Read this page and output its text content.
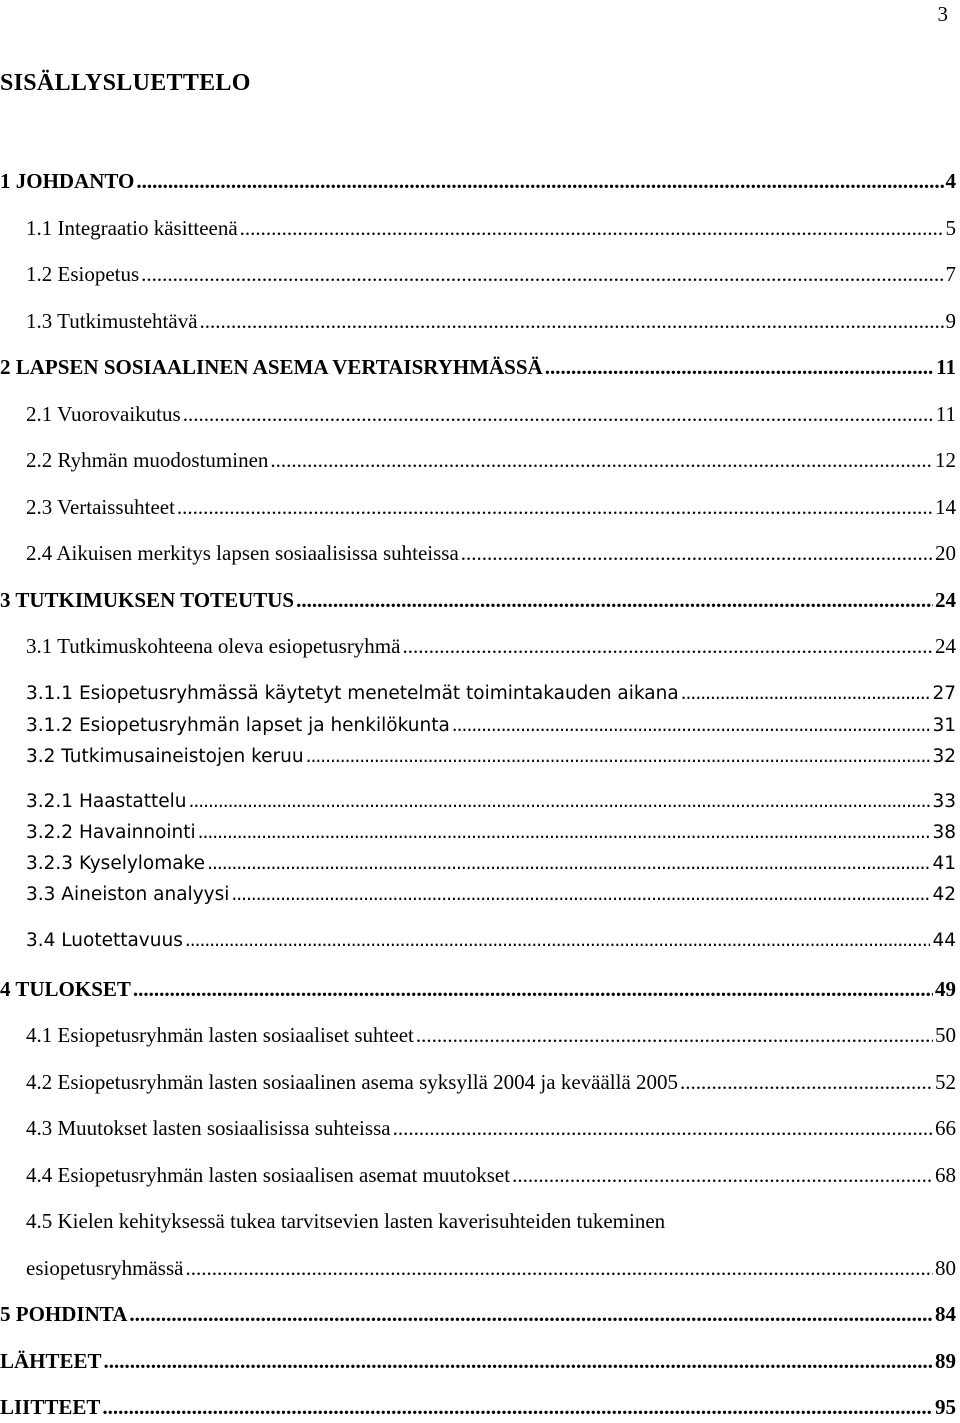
3
SISÄLLYSLUETTELO
1 JOHDANTO .....	4
1.1 Integraatio käsitteenä .....	5
1.2 Esiopetus .....	7
1.3 Tutkimustehtävä .....	9
2 LAPSEN SOSIAALINEN ASEMA VERTAISRYHMÄSSÄ .....	11
2.1 Vuorovaikutus .....	11
2.2 Ryhmän muodostuminen .....	12
2.3 Vertaissuhteet .....	14
2.4 Aikuisen merkitys lapsen sosiaalisissa suhteissa .....	20
3 TUTKIMUKSEN TOTEUTUS .....	24
3.1 Tutkimuskohteena oleva esiopetusryhmä .....	24
3.1.1 Esiopetusryhmässä käytetyt menetelmät toimintakauden aikana .....	27
3.1.2 Esiopetusryhmän lapset ja henkilökunta .....	31
3.2 Tutkimusaineistojen keruu .....	32
3.2.1 Haastattelu .....	33
3.2.2 Havainnointi .....	38
3.2.3 Kyselylomake .....	41
3.3 Aineiston analyysi .....	42
3.4 Luotettavuus .....	44
4 TULOKSET .....	49
4.1 Esiopetusryhmän lasten sosiaaliset suhteet .....	50
4.2 Esiopetusryhmän lasten sosiaalinen asema syksyllä 2004 ja keväällä 2005 .....	52
4.3 Muutokset lasten sosiaalisissa suhteissa .....	66
4.4 Esiopetusryhmän lasten sosiaalisen asemat muutokset .....	68
4.5 Kielen kehityksessä tukea tarvitsevien lasten kaverisuhteiden tukeminen
esiopetusryhmässä .....	80
5 POHDINTA .....	84
LÄHTEET .....	89
LIITTEET .....	95
